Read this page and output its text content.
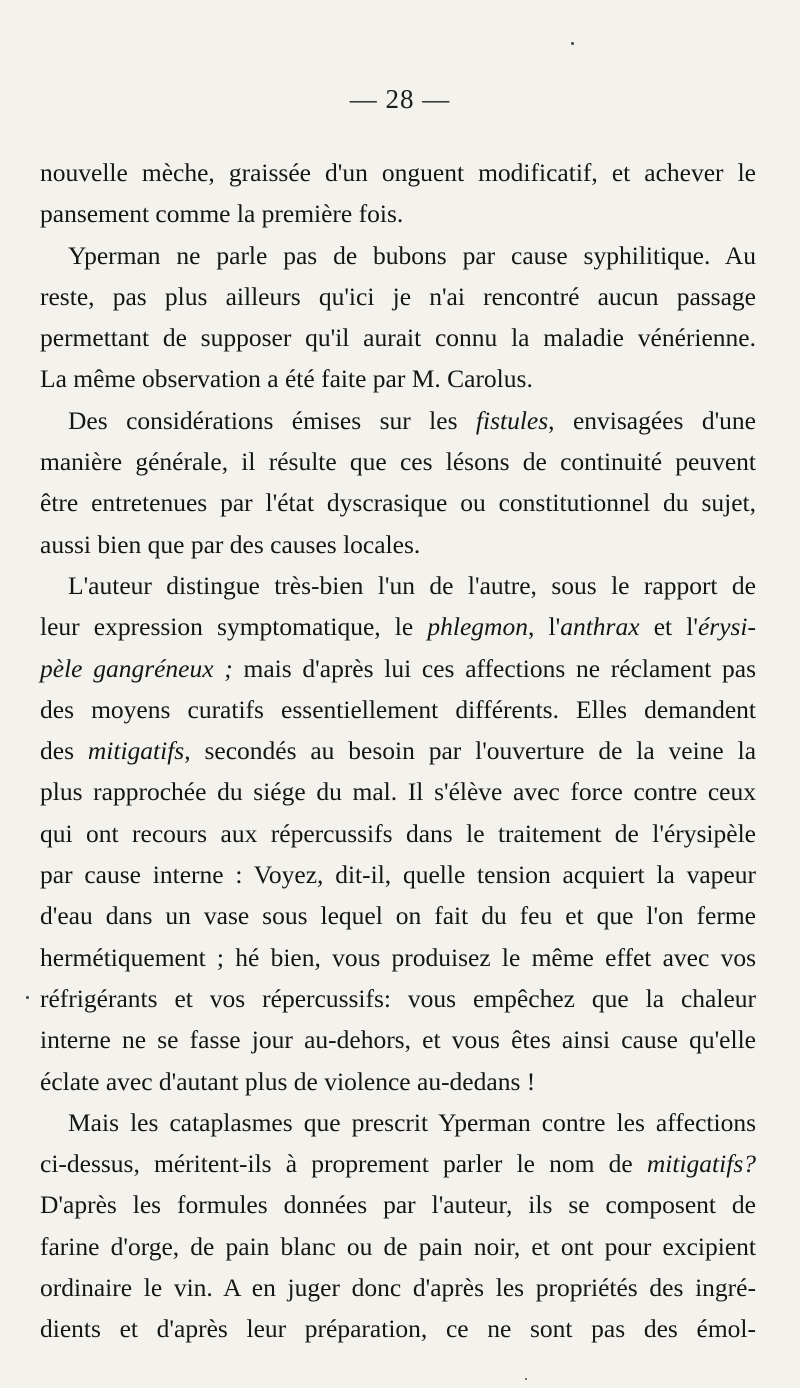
— 28 —
nouvelle mèche, graissée d'un onguent modificatif, et achever le
pansement comme la première fois.
Yperman ne parle pas de bubons par cause syphilitique. Au
reste, pas plus ailleurs qu'ici je n'ai rencontré aucun passage
permettant de supposer qu'il aurait connu la maladie vénérienne.
La même observation a été faite par M. Carolus.
Des considérations émises sur les fistules, envisagées d'une
manière générale, il résulte que ces lésons de continuité peuvent
être entretenues par l'état dyscrasique ou constitutionnel du sujet,
aussi bien que par des causes locales.
L'auteur distingue très-bien l'un de l'autre, sous le rapport de
leur expression symptomatique, le phlegmon, l'anthrax et l'érysi-
pèle gangréneux ; mais d'après lui ces affections ne réclament pas
des moyens curatifs essentiellement différents. Elles demandent
des mitigatifs, secondés au besoin par l'ouverture de la veine la
plus rapprochée du siége du mal. Il s'élève avec force contre ceux
qui ont recours aux répercussifs dans le traitement de l'érysipèle
par cause interne : Voyez, dit-il, quelle tension acquiert la vapeur
d'eau dans un vase sous lequel on fait du feu et que l'on ferme
hermétiquement ; hé bien, vous produisez le même effet avec vos
réfrigérants et vos répercussifs: vous empêchez que la chaleur
interne ne se fasse jour au-dehors, et vous êtes ainsi cause qu'elle
éclate avec d'autant plus de violence au-dedans !
Mais les cataplasmes que prescrit Yperman contre les affections
ci-dessus, méritent-ils à proprement parler le nom de mitigatifs?
D'après les formules données par l'auteur, ils se composent de
farine d'orge, de pain blanc ou de pain noir, et ont pour excipient
ordinaire le vin. A en juger donc d'après les propriétés des ingré-
dients et d'après leur préparation, ce ne sont pas des émol-
